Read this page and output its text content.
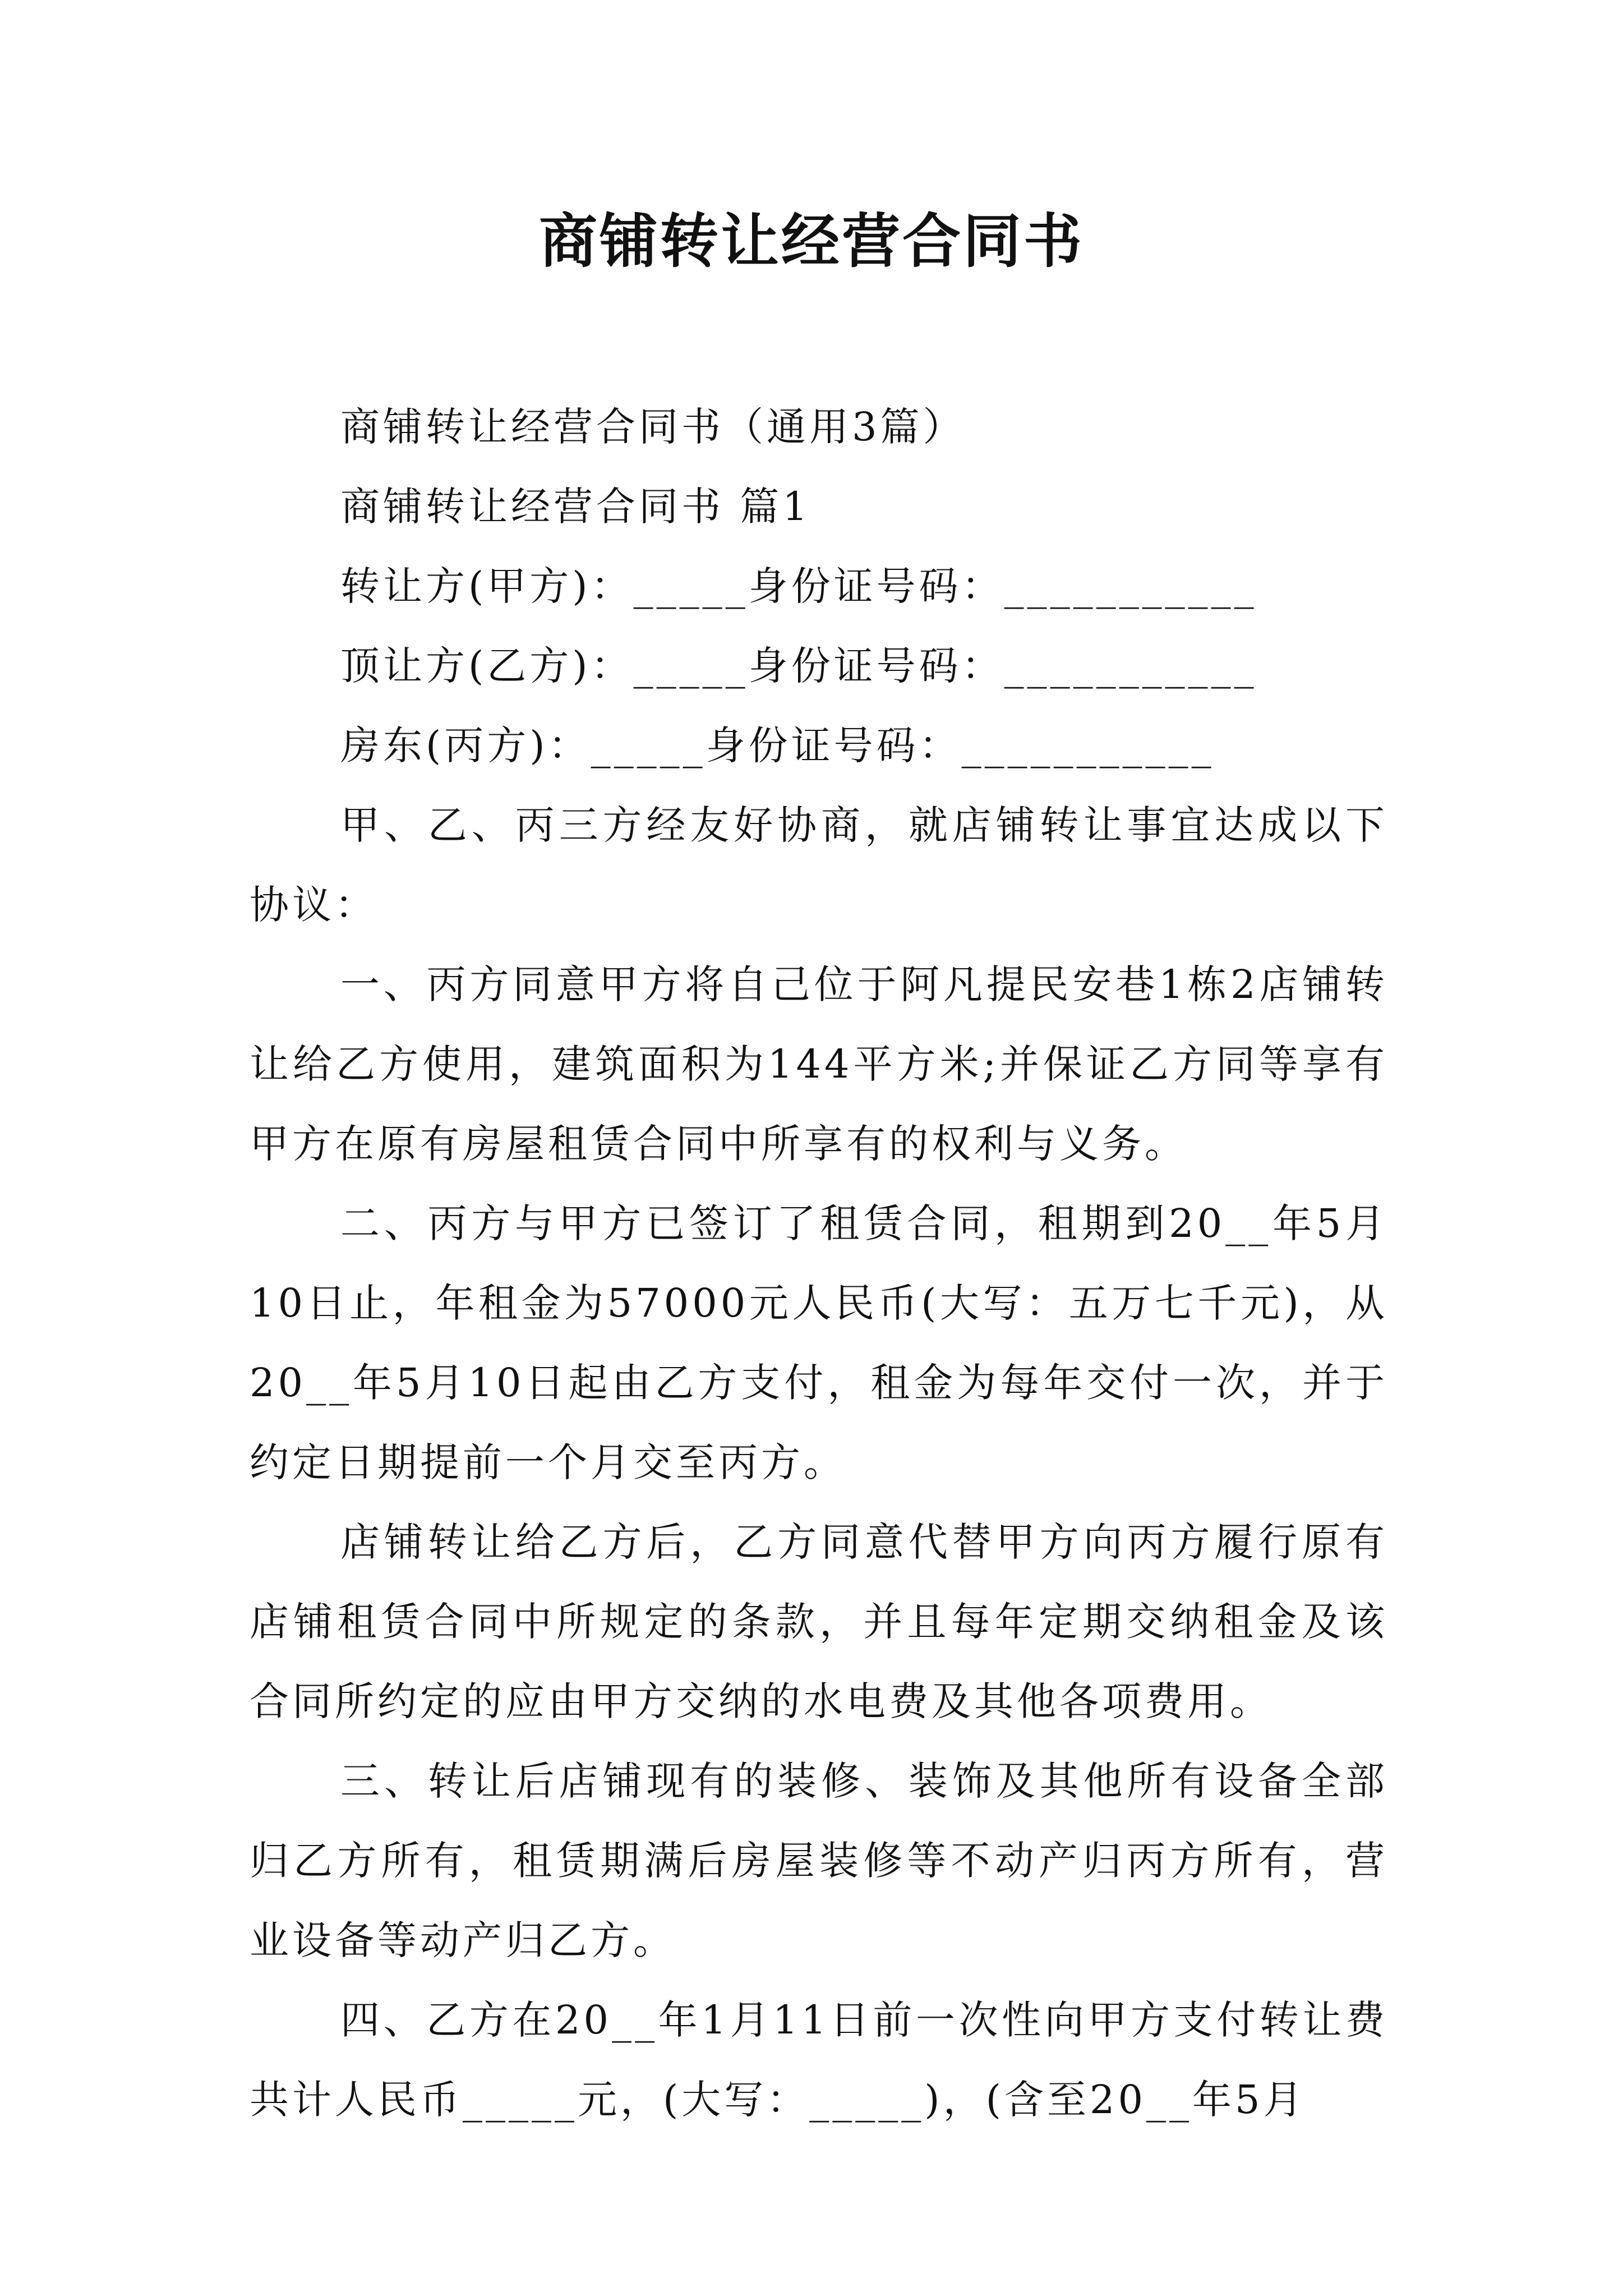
商铺转让经营合同书

商铺转让经营合同书（通用3篇）

商铺转让经营合同书 篇1

转让方(甲方)：_____身份证号码：___________

顶让方(乙方)：_____身份证号码：___________

房东(丙方)：_____身份证号码：___________

甲、乙、丙三方经友好协商，就店铺转让事宜达成以下协议：

一、丙方同意甲方将自己位于阿凡提民安巷1栋2店铺转让给乙方使用，建筑面积为144平方米;并保证乙方同等享有甲方在原有房屋租赁合同中所享有的权利与义务。

二、丙方与甲方已签订了租赁合同，租期到20__年5月10日止，年租金为57000元人民币(大写：五万七千元)，从20__年5月10日起由乙方支付，租金为每年交付一次，并于约定日期提前一个月交至丙方。

店铺转让给乙方后，乙方同意代替甲方向丙方履行原有店铺租赁合同中所规定的条款，并且每年定期交纳租金及该合同所约定的应由甲方交纳的水电费及其他各项费用。

三、转让后店铺现有的装修、装饰及其他所有设备全部归乙方所有，租赁期满后房屋装修等不动产归丙方所有，营业设备等动产归乙方。

四、乙方在20__年1月11日前一次性向甲方支付转让费共计人民币_____元，(大写：_____)，(含至20__年5月
